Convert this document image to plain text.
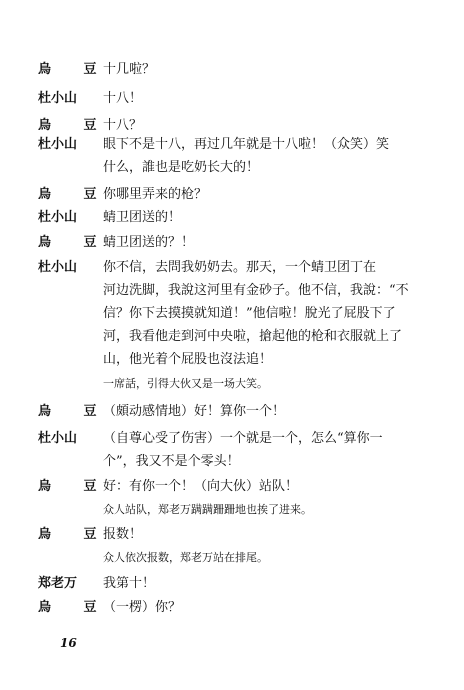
烏 豆
十几啦？
杜小山 十八！
烏 豆
十八？
杜小山 眼下不是十八，再过几年就是十八啦！（众笑）笑
什么，誰也是吃奶长大的！
烏 豆
你哪里弄来的枪？
杜小山 蜻卫团送的！
烏 豆
蜻卫团送的？！
杜小山 你不信，去問我奶奶去。那天，一个蜻卫团丁在
河边洗脚，我說这河里有金砂子。他不信，我說：“不
信？你下去摸摸就知道！”他信啦！脫光了屁股下了
河，我看他走到河中央啦，搶起他的枪和衣服就上了
山，他光着个屁股也沒法追！
一席話，引得大伙又是一场大笑。
烏 豆
（頗动感情地）好！算你一个！
杜小山 （自尊心受了伤害）一个就是一个，怎么“算你一
个”，我又不是个零头！
烏 豆
好：有你一个！（向大伙）站队！
众人站队，郑老万蹒蹒跚跚地也挨了进来。
烏 豆
报数！
众人依次报数，郑老万站在排尾。
郑老万 我第十！
烏 豆
（一楞）你？
16
